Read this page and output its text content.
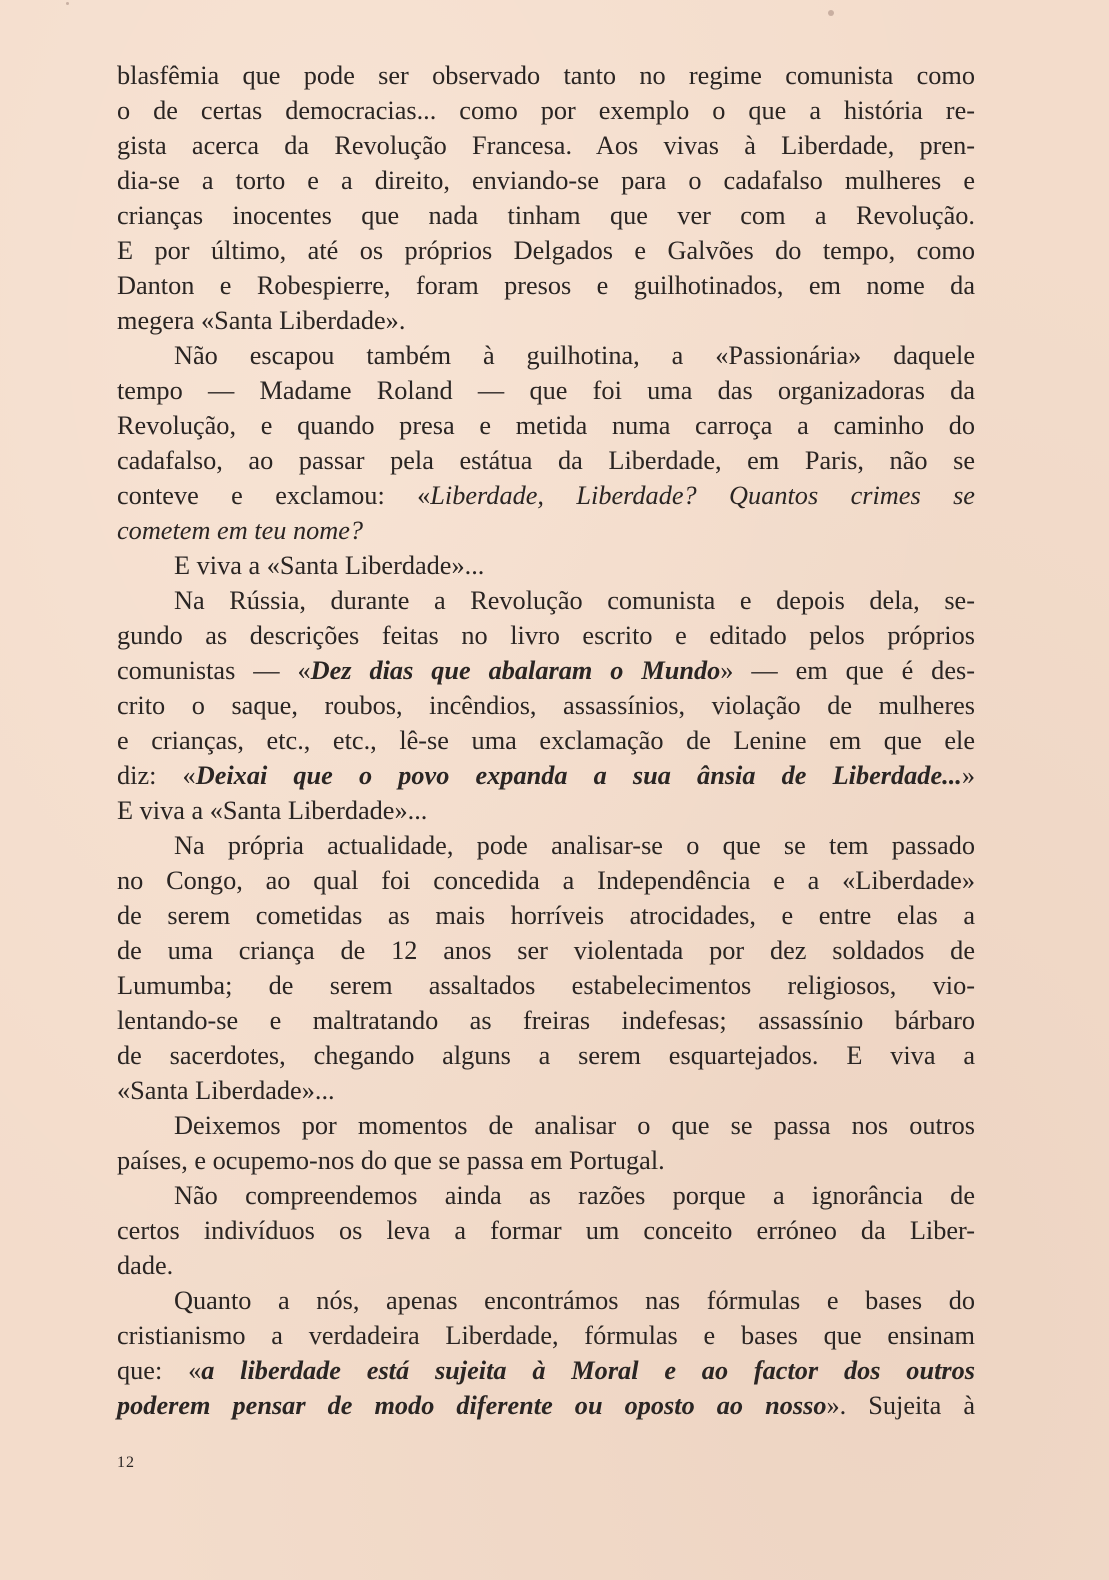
blasfêmia que pode ser observado tanto no regime comunista como
o de certas democracias... como por exemplo o que a história re-
gista acerca da Revolução Francesa. Aos vivas à Liberdade, pren-
dia-se a torto e a direito, enviando-se para o cadafalso mulheres e
crianças inocentes que nada tinham que ver com a Revolução.
E por último, até os próprios Delgados e Galvões do tempo, como
Danton e Robespierre, foram presos e guilhotinados, em nome da
megera «Santa Liberdade».
Não escapou também à guilhotina, a «Passionária» daquele
tempo — Madame Roland — que foi uma das organizadoras da
Revolução, e quando presa e metida numa carroça a caminho do
cadafalso, ao passar pela estátua da Liberdade, em Paris, não se
conteve e exclamou: «Liberdade, Liberdade? Quantos crimes se
cometem em teu nome?
E viva a «Santa Liberdade»...
Na Rússia, durante a Revolução comunista e depois dela, se-
gundo as descrições feitas no livro escrito e editado pelos próprios
comunistas — «Dez dias que abalaram o Mundo» — em que é des-
crito o saque, roubos, incêndios, assassínios, violação de mulheres
e crianças, etc., etc., lê-se uma exclamação de Lenine em que ele
diz: «Deixai que o povo expanda a sua ânsia de Liberdade...»
E viva a «Santa Liberdade»...
Na própria actualidade, pode analisar-se o que se tem passado
no Congo, ao qual foi concedida a Independência e a «Liberdade»
de serem cometidas as mais horríveis atrocidades, e entre elas a
de uma criança de 12 anos ser violentada por dez soldados de
Lumumba; de serem assaltados estabelecimentos religiosos, vio-
lentando-se e maltratando as freiras indefesas; assassínio bárbaro
de sacerdotes, chegando alguns a serem esquartejados. E viva a
«Santa Liberdade»...
Deixemos por momentos de analisar o que se passa nos outros
países, e ocupemo-nos do que se passa em Portugal.
Não compreendemos ainda as razões porque a ignorância de
certos indivíduos os leva a formar um conceito erróneo da Liber-
dade.
Quanto a nós, apenas encontrámos nas fórmulas e bases do
cristianismo a verdadeira Liberdade, fórmulas e bases que ensinam
que: «a liberdade está sujeita à Moral e ao factor dos outros
poderem pensar de modo diferente ou oposto ao nosso». Sujeita à
12
